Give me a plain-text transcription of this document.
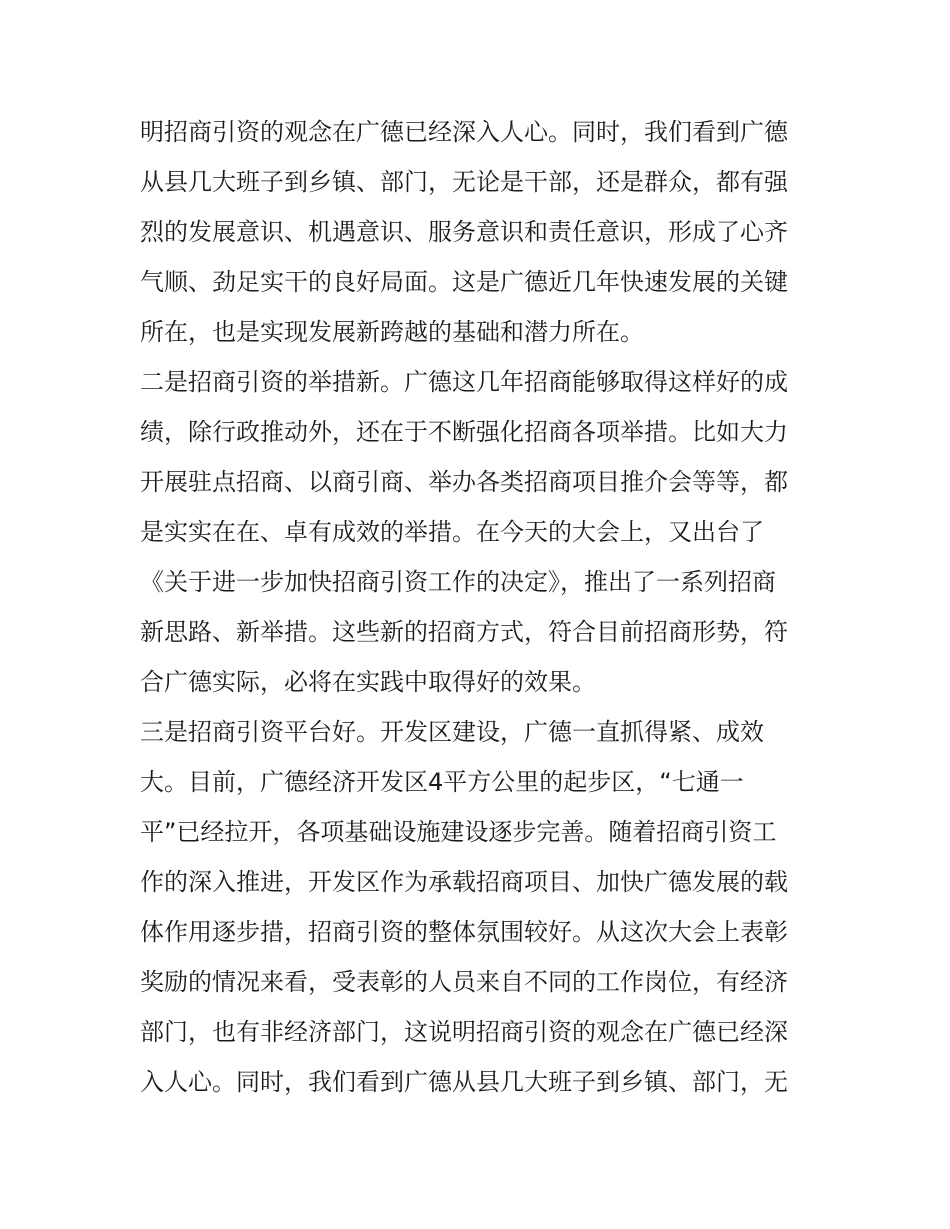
明招商引资的观念在广德已经深入人心。同时，我们看到广德

从县几大班子到乡镇、部门，无论是干部，还是群众，都有强

烈的发展意识、机遇意识、服务意识和责任意识，形成了心齐

气顺、劲足实干的良好局面。这是广德近几年快速发展的关键

所在，也是实现发展新跨越的基础和潜力所在。

二是招商引资的举措新。广德这几年招商能够取得这样好的成

绩，除行政推动外，还在于不断强化招商各项举措。比如大力

开展驻点招商、以商引商、举办各类招商项目推介会等等，都

是实实在在、卓有成效的举措。在今天的大会上，又出台了

《关于进一步加快招商引资工作的决定》，推出了一系列招商

新思路、新举措。这些新的招商方式，符合目前招商形势，符

合广德实际，必将在实践中取得好的效果。

三是招商引资平台好。开发区建设，广德一直抓得紧、成效

大。目前，广德经济开发区4平方公里的起步区，“七通一

平”已经拉开，各项基础设施建设逐步完善。随着招商引资工

作的深入推进，开发区作为承载招商项目、加快广德发展的载

体作用逐步措，招商引资的整体氛围较好。从这次大会上表彰

奖励的情况来看，受表彰的人员来自不同的工作岗位，有经济

部门，也有非经济部门，这说明招商引资的观念在广德已经深

入人心。同时，我们看到广德从县几大班子到乡镇、部门，无
